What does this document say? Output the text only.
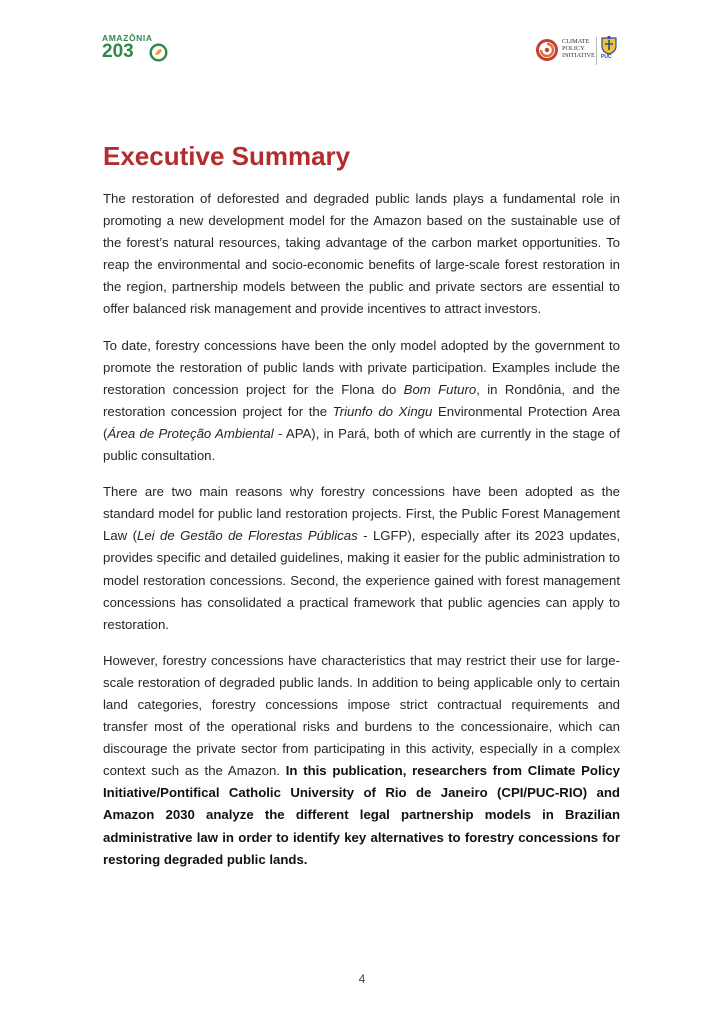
AMAZÔNIA
203	CLIMATE
POLICY
INITIATIVE	PUC
Executive Summary

The restoration of deforested and degraded public lands plays a fundamental role in promoting a new development model for the Amazon based on the sustainable use of the forest’s natural resources, taking advantage of the carbon market opportunities. To reap the environmental and socio-economic benefits of large-scale forest restoration in the region, partnership models between the public and private sectors are essential to offer balanced risk management and provide incentives to attract investors.

To date, forestry concessions have been the only model adopted by the government to promote the restoration of public lands with private participation. Examples include the restoration concession project for the Flona do Bom Futuro, in Rondônia, and the restoration concession project for the Triunfo do Xingu Environmental Protection Area (Área de Proteção Ambiental - APA), in Pará, both of which are currently in the stage of public consultation.

There are two main reasons why forestry concessions have been adopted as the standard model for public land restoration projects. First, the Public Forest Management Law (Lei de Gestão de Florestas Públicas - LGFP), especially after its 2023 updates, provides specific and detailed guidelines, making it easier for the public administration to model restoration concessions. Second, the experience gained with forest management concessions has consolidated a practical framework that public agencies can apply to restoration.

However, forestry concessions have characteristics that may restrict their use for large-scale restoration of degraded public lands. In addition to being applicable only to certain land categories, forestry concessions impose strict contractual requirements and transfer most of the operational risks and burdens to the concessionaire, which can discourage the private sector from participating in this activity, especially in a complex context such as the Amazon. In this publication, researchers from Climate Policy Initiative/Pontifical Catholic University of Rio de Janeiro (CPI/PUC-RIO) and Amazon 2030 analyze the different legal partnership models in Brazilian administrative law in order to identify key alternatives to forestry concessions for restoring degraded public lands.

4
